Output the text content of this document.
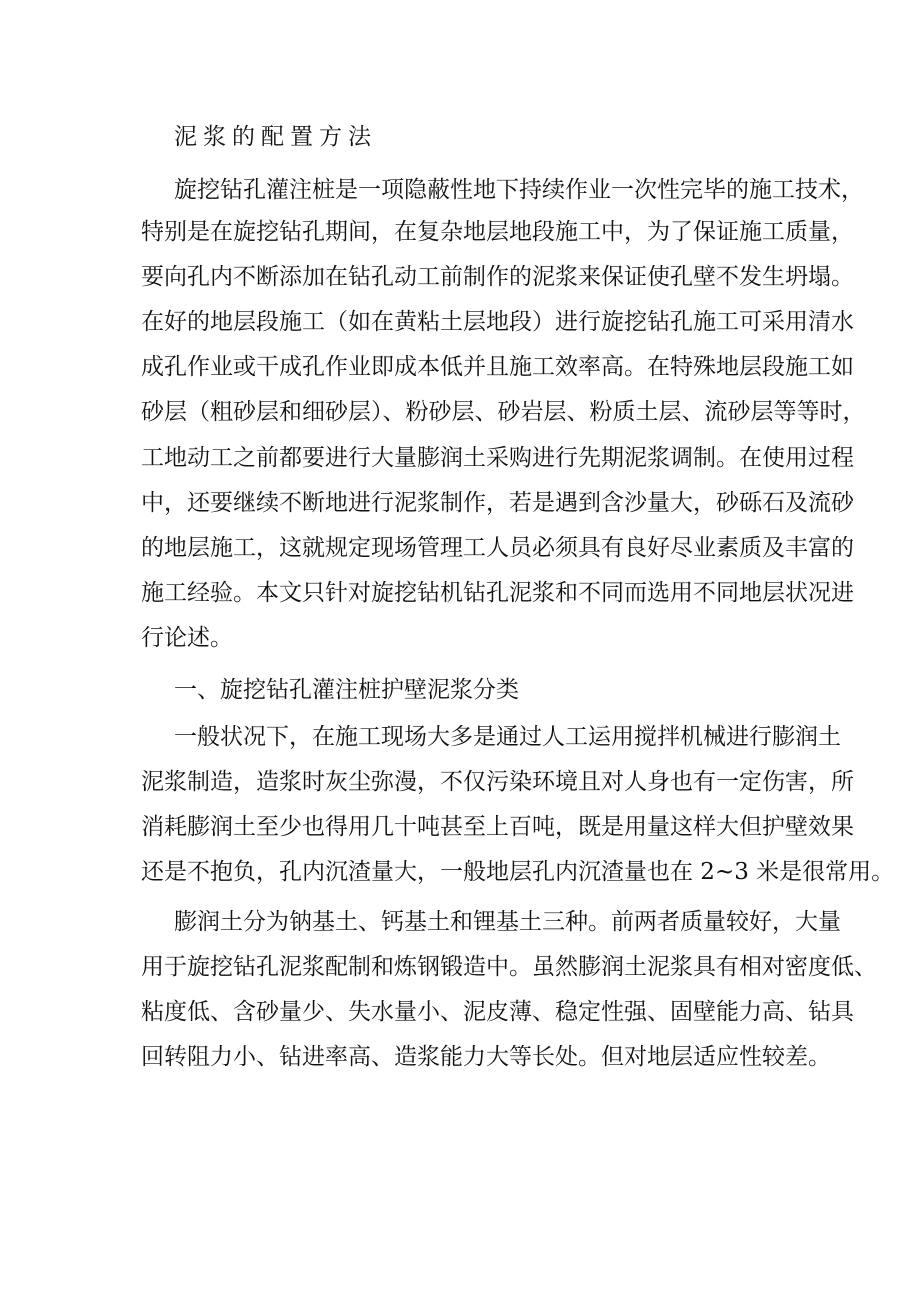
泥浆的配置方法
旋挖钻孔灌注桩是一项隐蔽性地下持续作业一次性完毕的施工技术，
特别是在旋挖钻孔期间，在复杂地层地段施工中，为了保证施工质量，
要向孔内不断添加在钻孔动工前制作的泥浆来保证使孔壁不发生坍塌。
在好的地层段施工（如在黄粘土层地段）进行旋挖钻孔施工可采用清水
成孔作业或干成孔作业即成本低并且施工效率高。在特殊地层段施工如
砂层（粗砂层和细砂层）、粉砂层、砂岩层、粉质土层、流砂层等等时，
工地动工之前都要进行大量膨润土采购进行先期泥浆调制。在使用过程
中，还要继续不断地进行泥浆制作，若是遇到含沙量大，砂砾石及流砂
的地层施工，这就规定现场管理工人员必须具有良好尽业素质及丰富的
施工经验。本文只针对旋挖钻机钻孔泥浆和不同而选用不同地层状况进
行论述。
一、旋挖钻孔灌注桩护壁泥浆分类
一般状况下，在施工现场大多是通过人工运用搅拌机械进行膨润土
泥浆制造，造浆时灰尘弥漫，不仅污染环境且对人身也有一定伤害，所
消耗膨润土至少也得用几十吨甚至上百吨，既是用量这样大但护壁效果
还是不抱负，孔内沉渣量大，一般地层孔内沉渣量也在 2~3 米是很常用。
膨润土分为钠基土、钙基土和锂基土三种。前两者质量较好，大量
用于旋挖钻孔泥浆配制和炼钢锻造中。虽然膨润土泥浆具有相对密度低、
粘度低、含砂量少、失水量小、泥皮薄、稳定性强、固壁能力高、钻具
回转阻力小、钻进率高、造浆能力大等长处。但对地层适应性较差。
